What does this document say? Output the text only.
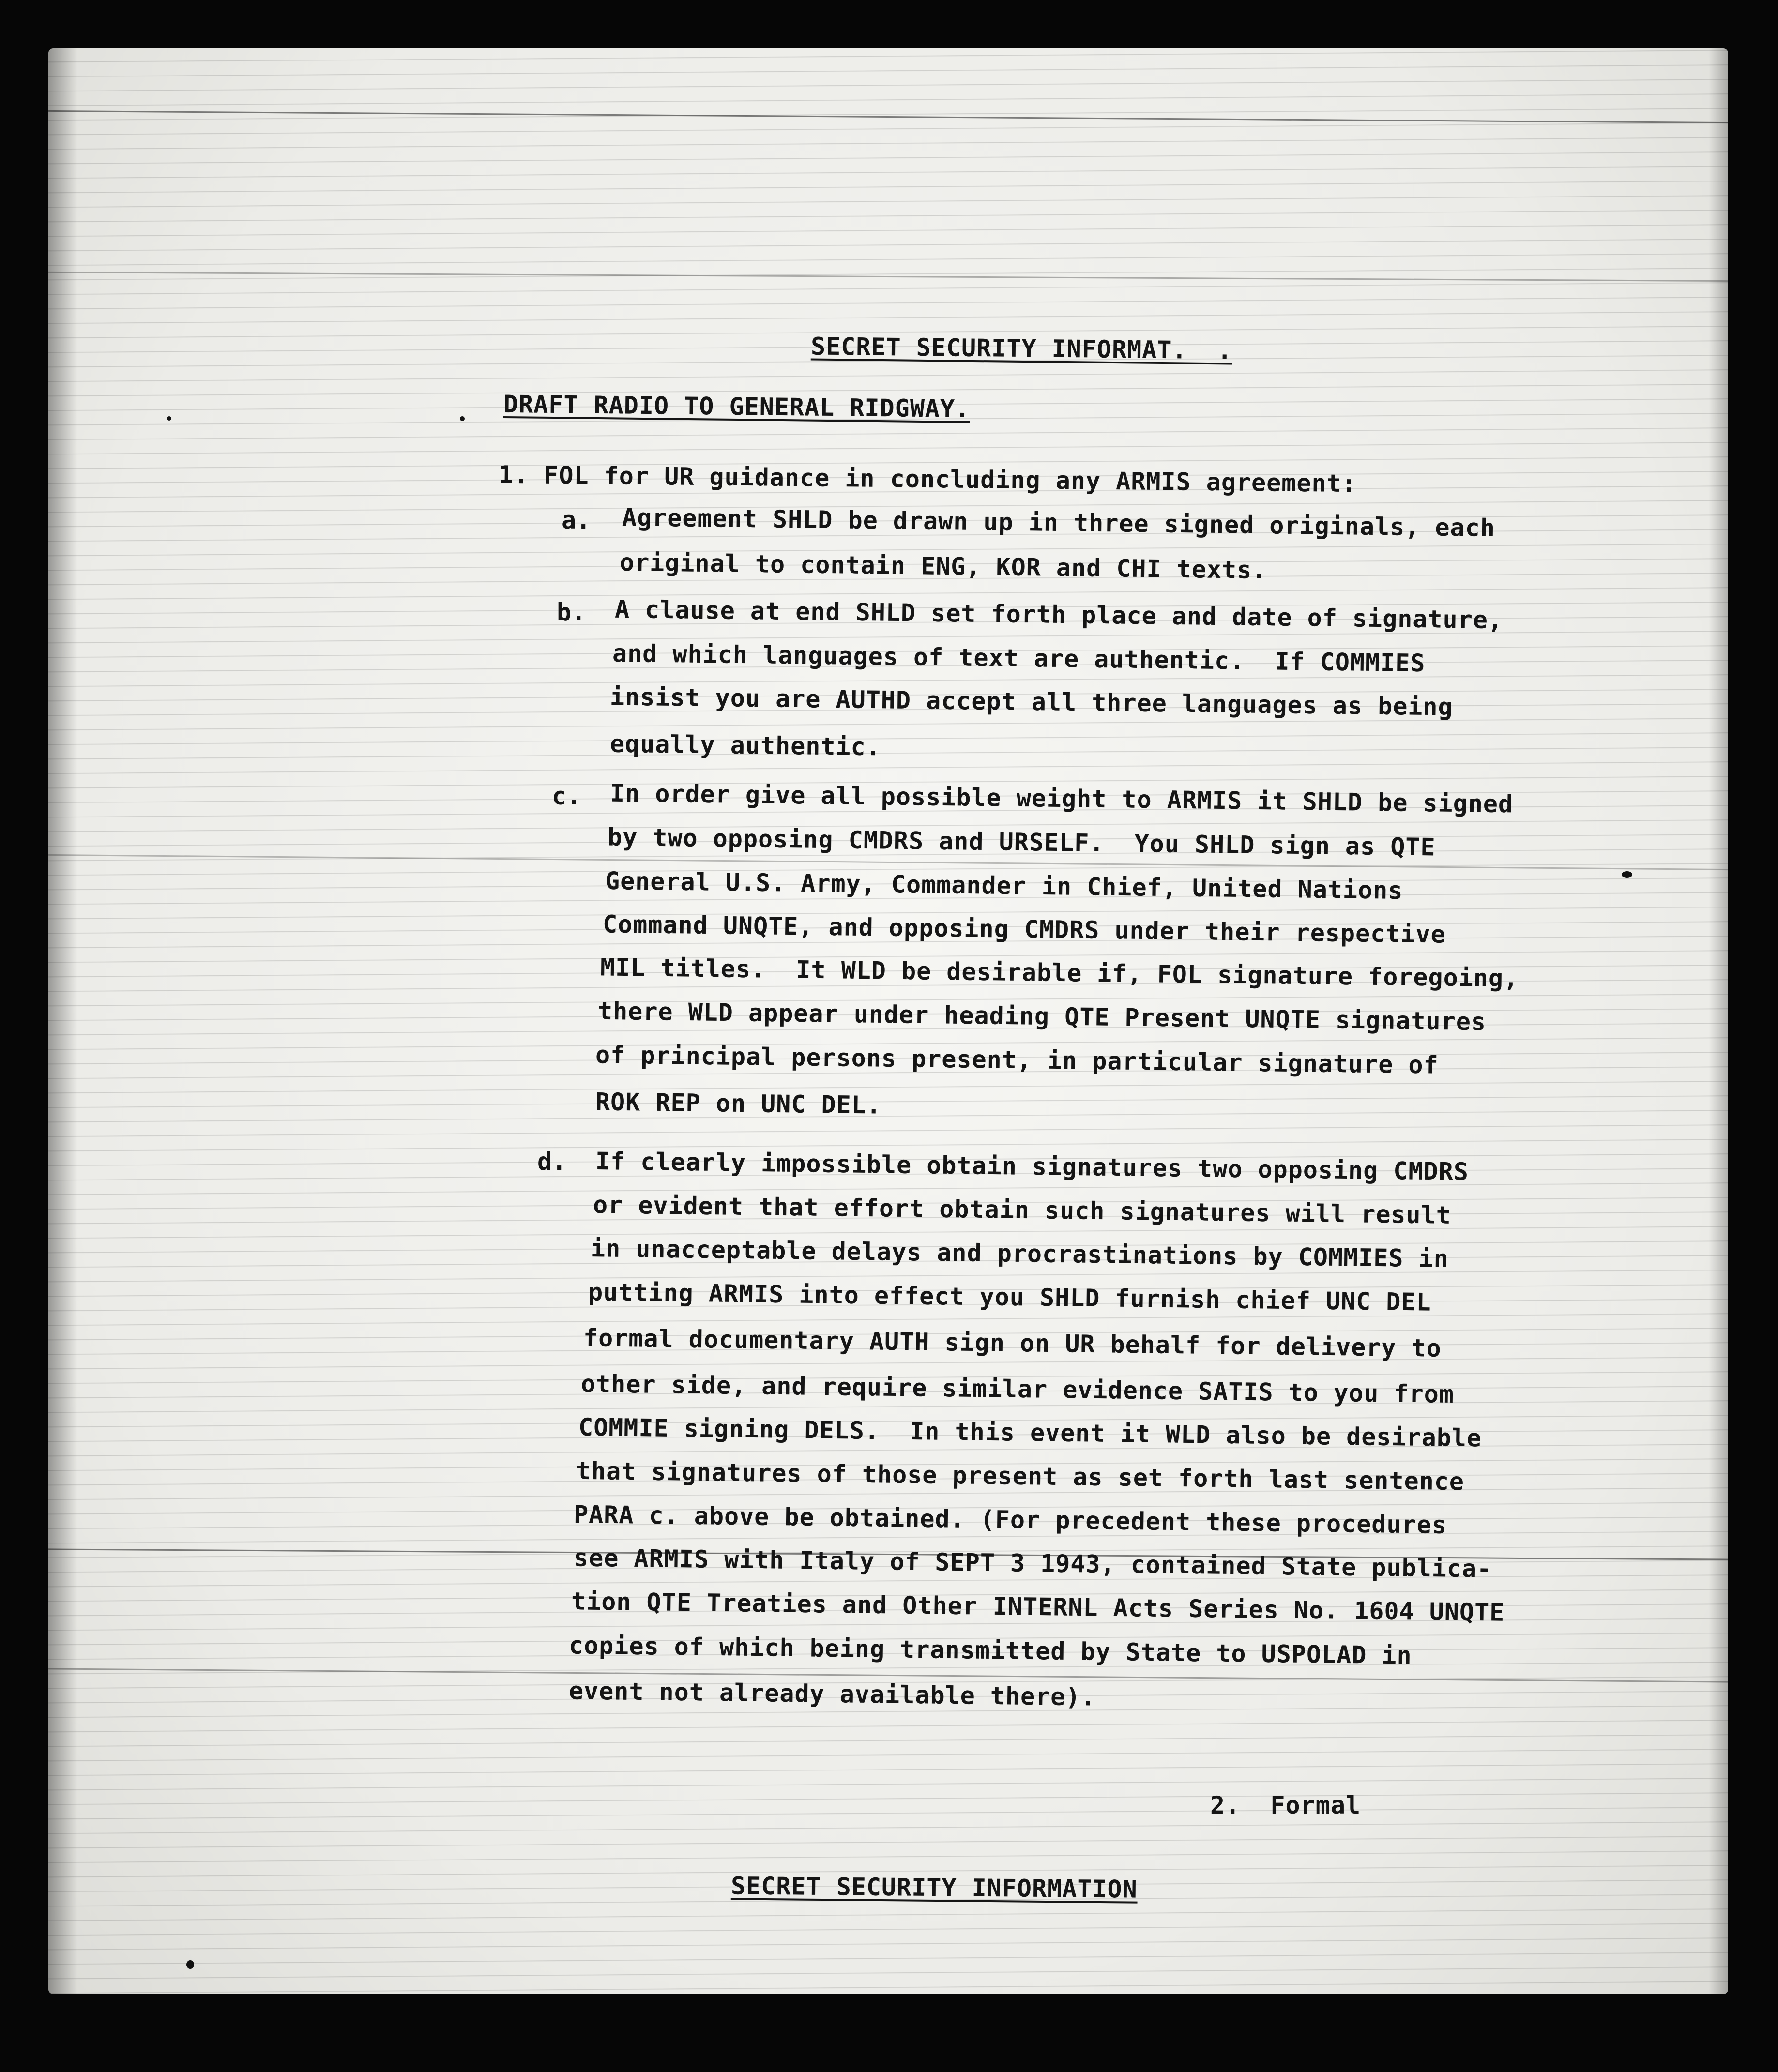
SECRET SECURITY INFORMAT.  .
DRAFT RADIO TO GENERAL RIDGWAY.
1. FOL for UR guidance in concluding any ARMIS agreement:
a. Agreement SHLD be drawn up in three signed originals, each
original to contain ENG, KOR and CHI texts.
b. A clause at end SHLD set forth place and date of signature,
and which languages of text are authentic.  If COMMIES
insist you are AUTHD accept all three languages as being
equally authentic.
c. In order give all possible weight to ARMIS it SHLD be signed
by two opposing CMDRS and URSELF.  You SHLD sign as QTE
General U.S. Army, Commander in Chief, United Nations
Command UNQTE, and opposing CMDRS under their respective
MIL titles.  It WLD be desirable if, FOL signature foregoing,
there WLD appear under heading QTE Present UNQTE signatures
of principal persons present, in particular signature of
ROK REP on UNC DEL.
d. If clearly impossible obtain signatures two opposing CMDRS
or evident that effort obtain such signatures will result
in unacceptable delays and procrastinations by COMMIES in
putting ARMIS into effect you SHLD furnish chief UNC DEL
formal documentary AUTH sign on UR behalf for delivery to
other side, and require similar evidence SATIS to you from
COMMIE signing DELS.  In this event it WLD also be desirable
that signatures of those present as set forth last sentence
PARA c. above be obtained. (For precedent these procedures
see ARMIS with Italy of SEPT 3 1943, contained State publica-
tion QTE Treaties and Other INTERNL Acts Series No. 1604 UNQTE
copies of which being transmitted by State to USPOLAD in
event not already available there).
2.  Formal
SECRET SECURITY INFORMATION
